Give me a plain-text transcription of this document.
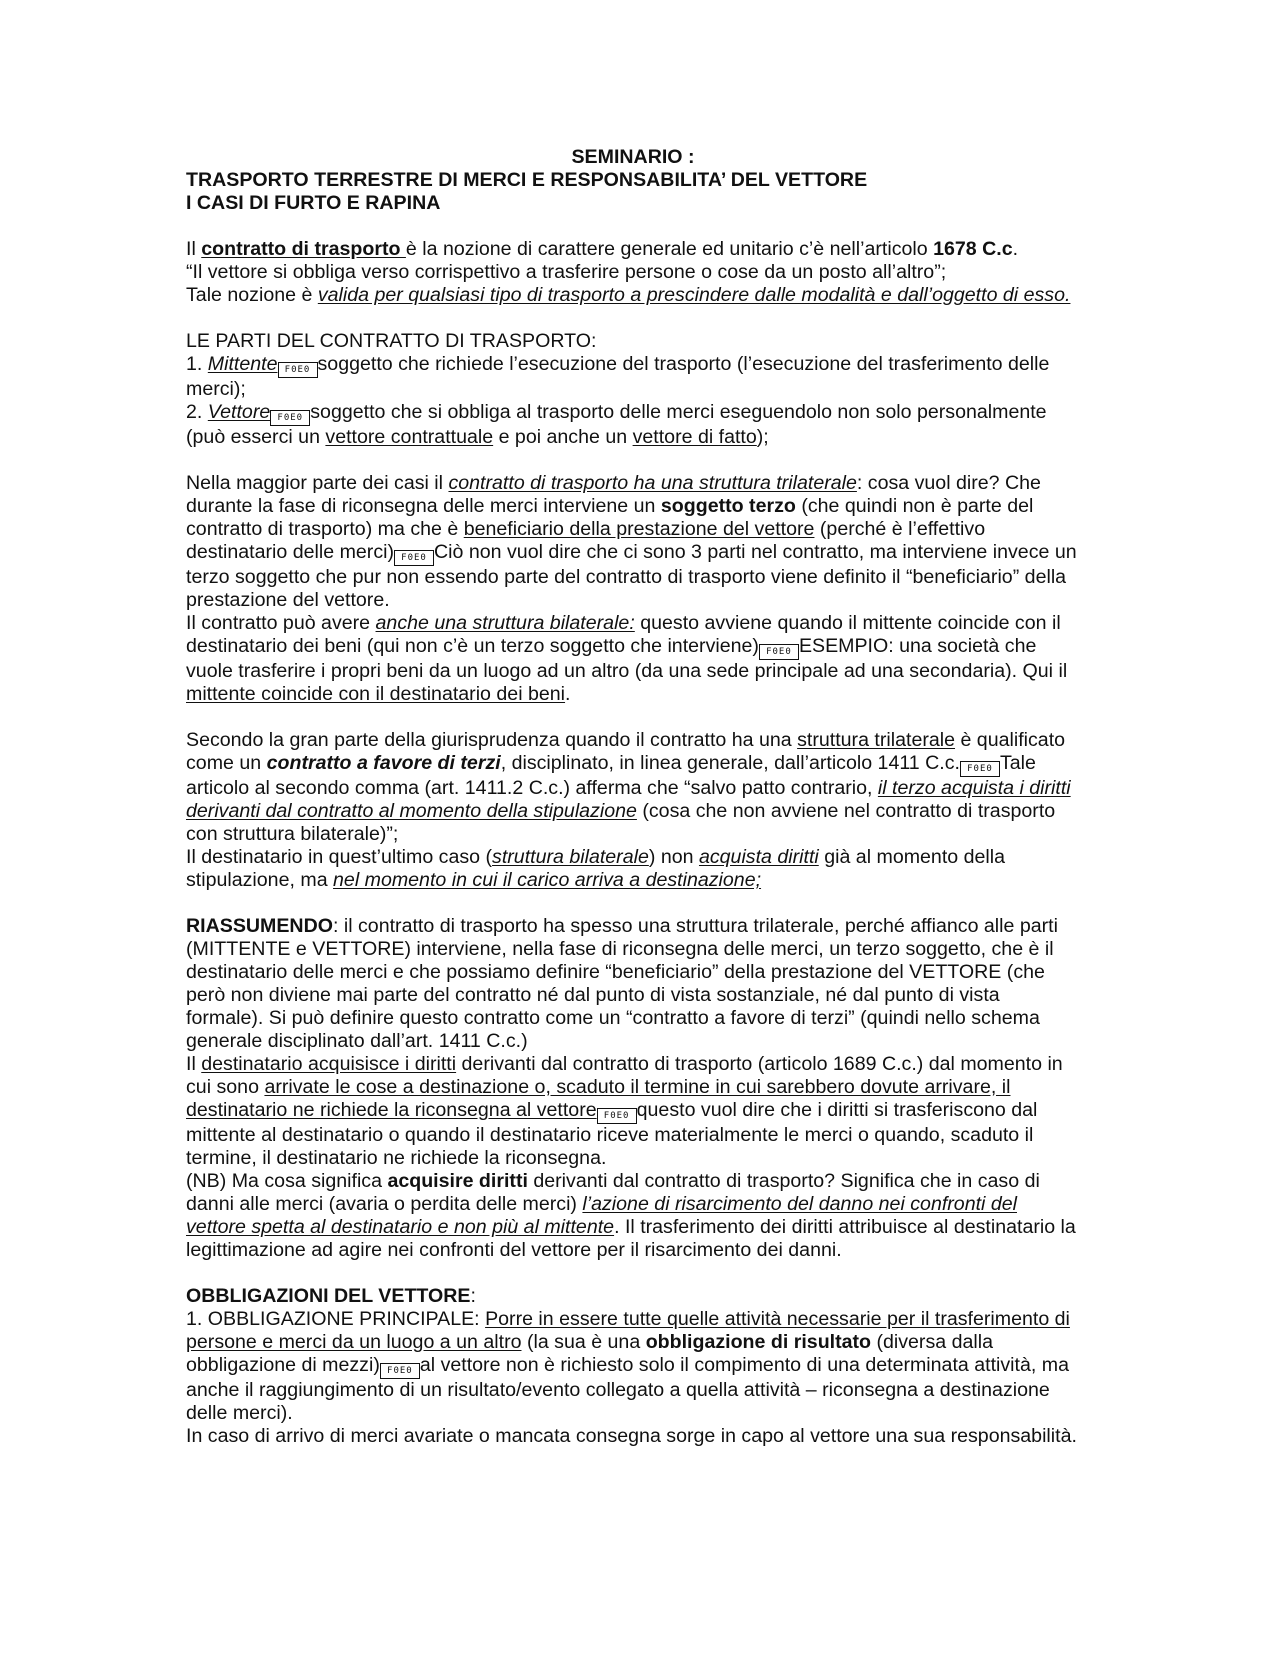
SEMINARIO :
TRASPORTO TERRESTRE DI MERCI E RESPONSABILITA’ DEL VETTORE
I CASI DI FURTO E RAPINA

Il contratto di trasporto è la nozione di carattere generale ed unitario c’è nell’articolo 1678 C.c.
“Il vettore si obbliga verso corrispettivo a trasferire persone o cose da un posto all’altro”;
Tale nozione è valida per qualsiasi tipo di trasporto a prescindere dalle modalità e dall’oggetto di esso.

LE PARTI DEL CONTRATTO DI TRASPORTO:
1. Mittente F0E0 soggetto che richiede l’esecuzione del trasporto (l’esecuzione del trasferimento delle merci);
2. Vettore F0E0 soggetto che si obbliga al trasporto delle merci eseguendolo non solo personalmente (può esserci un vettore contrattuale e poi anche un vettore di fatto);

Nella maggior parte dei casi il contratto di trasporto ha una struttura trilaterale: cosa vuol dire? Che durante la fase di riconsegna delle merci interviene un soggetto terzo (che quindi non è parte del contratto di trasporto) ma che è beneficiario della prestazione del vettore (perché è l’effettivo destinatario delle merci) F0E0 Ciò non vuol dire che ci sono 3 parti nel contratto, ma interviene invece un terzo soggetto che pur non essendo parte del contratto di trasporto viene definito il “beneficiario” della prestazione del vettore.

Il contratto può avere anche una struttura bilaterale: questo avviene quando il mittente coincide con il destinatario dei beni (qui non c’è un terzo soggetto che interviene) F0E0 ESEMPIO: una società che vuole trasferire i propri beni da un luogo ad un altro (da una sede principale ad una secondaria). Qui il mittente coincide con il destinatario dei beni.

Secondo la gran parte della giurisprudenza quando il contratto ha una struttura trilaterale è qualificato come un contratto a favore di terzi, disciplinato, in linea generale, dall’articolo 1411 C.c. F0E0 Tale articolo al secondo comma (art. 1411.2 C.c.) afferma che “salvo patto contrario, il terzo acquista i diritti derivanti dal contratto al momento della stipulazione (cosa che non avviene nel contratto di trasporto con struttura bilaterale)”;

Il destinatario in quest’ultimo caso (struttura bilaterale) non acquista diritti già al momento della stipulazione, ma nel momento in cui il carico arriva a destinazione;

RIASSUMENDO: il contratto di trasporto ha spesso una struttura trilaterale, perché affianco alle parti (MITTENTE e VETTORE) interviene, nella fase di riconsegna delle merci, un terzo soggetto, che è il destinatario delle merci e che possiamo definire “beneficiario” della prestazione del VETTORE (che però non diviene mai parte del contratto né dal punto di vista sostanziale, né dal punto di vista formale). Si può definire questo contratto come un “contratto a favore di terzi” (quindi nello schema generale disciplinato dall’art. 1411 C.c.)

Il destinatario acquisisce i diritti derivanti dal contratto di trasporto (articolo 1689 C.c.) dal momento in cui sono arrivate le cose a destinazione o, scaduto il termine in cui sarebbero dovute arrivare, il destinatario ne richiede la riconsegna al vettore F0E0 questo vuol dire che i diritti si trasferiscono dal mittente al destinatario o quando il destinatario riceve materialmente le merci o quando, scaduto il termine, il destinatario ne richiede la riconsegna.

(NB) Ma cosa significa acquisire diritti derivanti dal contratto di trasporto? Significa che in caso di danni alle merci (avaria o perdita delle merci) l’azione di risarcimento del danno nei confronti del vettore spetta al destinatario e non più al mittente. Il trasferimento dei diritti attribuisce al destinatario la legittimazione ad agire nei confronti del vettore per il risarcimento dei danni.

OBBLIGAZIONI DEL VETTORE:
1. OBBLIGAZIONE PRINCIPALE: Porre in essere tutte quelle attività necessarie per il trasferimento di persone e merci da un luogo a un altro (la sua è una obbligazione di risultato (diversa dalla obbligazione di mezzi) F0E0 al vettore non è richiesto solo il compimento di una determinata attività, ma anche il raggiungimento di un risultato/evento collegato a quella attività – riconsegna a destinazione delle merci).
In caso di arrivo di merci avariate o mancata consegna sorge in capo al vettore una sua responsabilità.
